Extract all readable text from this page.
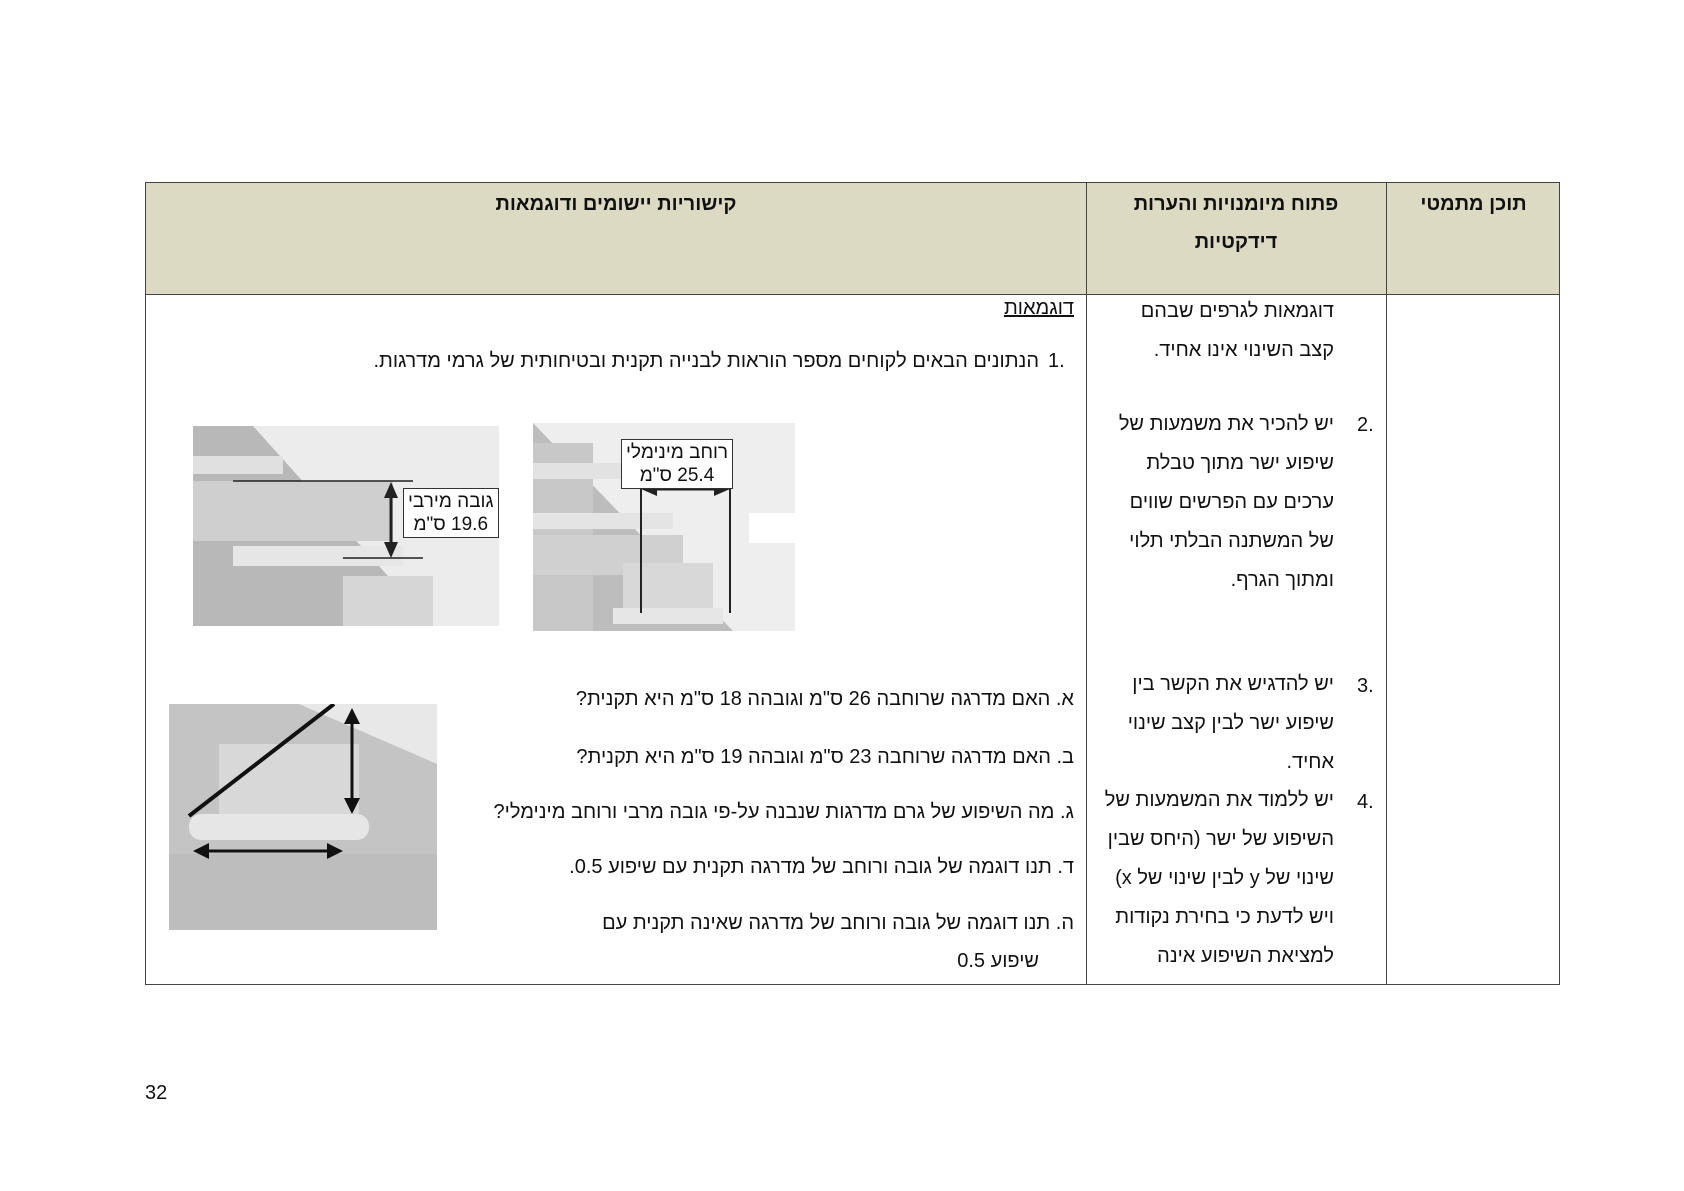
תוכן מתמטי
פתוח מיומנויות והערות
דידקטיות
קישוריות יישומים ודוגמאות
דוגמאות לגרפים שבהם
קצב השינוי אינו אחיד.
2.
יש להכיר את משמעות של
שיפוע ישר מתוך טבלת
ערכים עם הפרשים שווים
של המשתנה הבלתי תלוי
ומתוך הגרף.
3.
יש להדגיש את הקשר בין
שיפוע ישר לבין קצב שינוי
אחיד.
4.
יש ללמוד את המשמעות של
השיפוע של ישר (היחס שבין
שינוי של y לבין שינוי של x)
ויש לדעת כי בחירת נקודות
למציאת השיפוע אינה
דוגמאות
1.
הנתונים הבאים לקוחים מספר הוראות לבנייה תקנית ובטיחותית של גרמי מדרגות.
רוחב מינימלי
25.4 ס"מ
גובה מירבי
19.6 ס"מ
א. האם מדרגה שרוחבה 26 ס"מ וגובהה 18 ס"מ היא תקנית?
ב. האם מדרגה שרוחבה 23 ס"מ וגובהה 19 ס"מ היא תקנית?
ג. מה השיפוע של גרם מדרגות שנבנה על-פי גובה מרבי ורוחב מינימלי?
ד. תנו דוגמה של גובה ורוחב של מדרגה תקנית עם שיפוע 0.5.
ה. תנו דוגמה של גובה ורוחב של מדרגה שאינה תקנית עם
שיפוע 0.5
32
